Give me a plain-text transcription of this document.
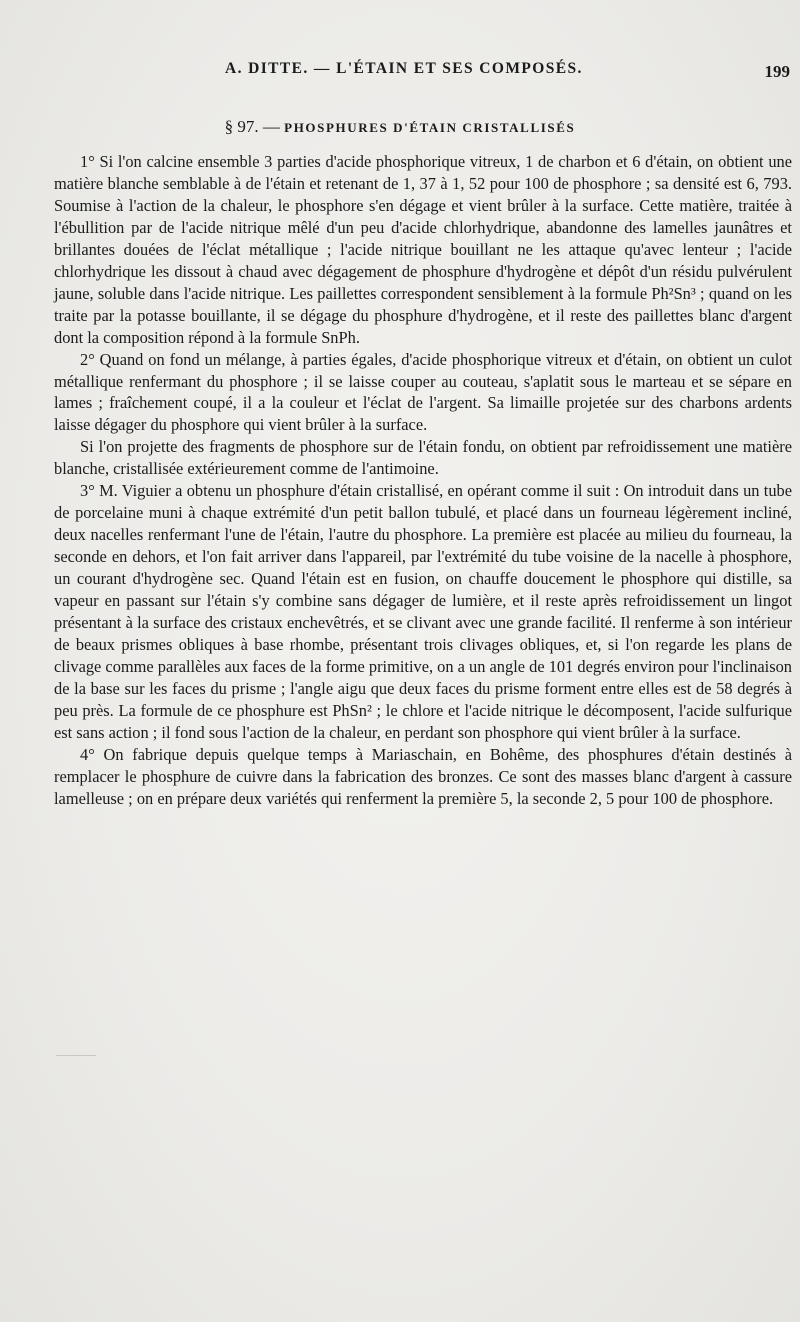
A. DITTE. — L'ÉTAIN ET SES COMPOSÉS.	199
§ 97. — PHOSPHURES D'ÉTAIN CRISTALLISÉS

1° Si l'on calcine ensemble 3 parties d'acide phosphorique vitreux, 1 de charbon et 6 d'étain, on obtient une matière blanche semblable à de l'étain et retenant de 1, 37 à 1, 52 pour 100 de phosphore ; sa densité est 6, 793. Soumise à l'action de la chaleur, le phosphore s'en dégage et vient brûler à la surface. Cette matière, traitée à l'ébullition par de l'acide nitrique mêlé d'un peu d'acide chlorhydrique, abandonne des lamelles jaunâtres et brillantes douées de l'éclat métallique ; l'acide nitrique bouillant ne les attaque qu'avec lenteur ; l'acide chlorhydrique les dissout à chaud avec dégagement de phosphure d'hydrogène et dépôt d'un résidu pulvérulent jaune, soluble dans l'acide nitrique. Les paillettes correspondent sensiblement à la formule Ph²Sn³ ; quand on les traite par la potasse bouillante, il se dégage du phosphure d'hydrogène, et il reste des paillettes blanc d'argent dont la composition répond à la formule SnPh.

2° Quand on fond un mélange, à parties égales, d'acide phosphorique vitreux et d'étain, on obtient un culot métallique renfermant du phosphore ; il se laisse couper au couteau, s'aplatit sous le marteau et se sépare en lames ; fraîchement coupé, il a la couleur et l'éclat de l'argent. Sa limaille projetée sur des charbons ardents laisse dégager du phosphore qui vient brûler à la surface.

Si l'on projette des fragments de phosphore sur de l'étain fondu, on obtient par refroidissement une matière blanche, cristallisée extérieurement comme de l'antimoine.

3° M. Viguier a obtenu un phosphure d'étain cristallisé, en opérant comme il suit : On introduit dans un tube de porcelaine muni à chaque extrémité d'un petit ballon tubulé, et placé dans un fourneau légèrement incliné, deux nacelles renfermant l'une de l'étain, l'autre du phosphore. La première est placée au milieu du fourneau, la seconde en dehors, et l'on fait arriver dans l'appareil, par l'extrémité du tube voisine de la nacelle à phosphore, un courant d'hydrogène sec. Quand l'étain est en fusion, on chauffe doucement le phosphore qui distille, sa vapeur en passant sur l'étain s'y combine sans dégager de lumière, et il reste après refroidissement un lingot présentant à la surface des cristaux enchevêtrés, et se clivant avec une grande facilité. Il renferme à son intérieur de beaux prismes obliques à base rhombe, présentant trois clivages obliques, et, si l'on regarde les plans de clivage comme parallèles aux faces de la forme primitive, on a un angle de 101 degrés environ pour l'inclinaison de la base sur les faces du prisme ; l'angle aigu que deux faces du prisme forment entre elles est de 58 degrés à peu près. La formule de ce phosphure est PhSn² ; le chlore et l'acide nitrique le décomposent, l'acide sulfurique est sans action ; il fond sous l'action de la chaleur, en perdant son phosphore qui vient brûler à la surface.

4° On fabrique depuis quelque temps à Mariaschain, en Bohême, des phosphures d'étain destinés à remplacer le phosphure de cuivre dans la fabrication des bronzes. Ce sont des masses blanc d'argent à cassure lamelleuse ; on en prépare deux variétés qui renferment la première 5, la seconde 2, 5 pour 100 de phosphore.
